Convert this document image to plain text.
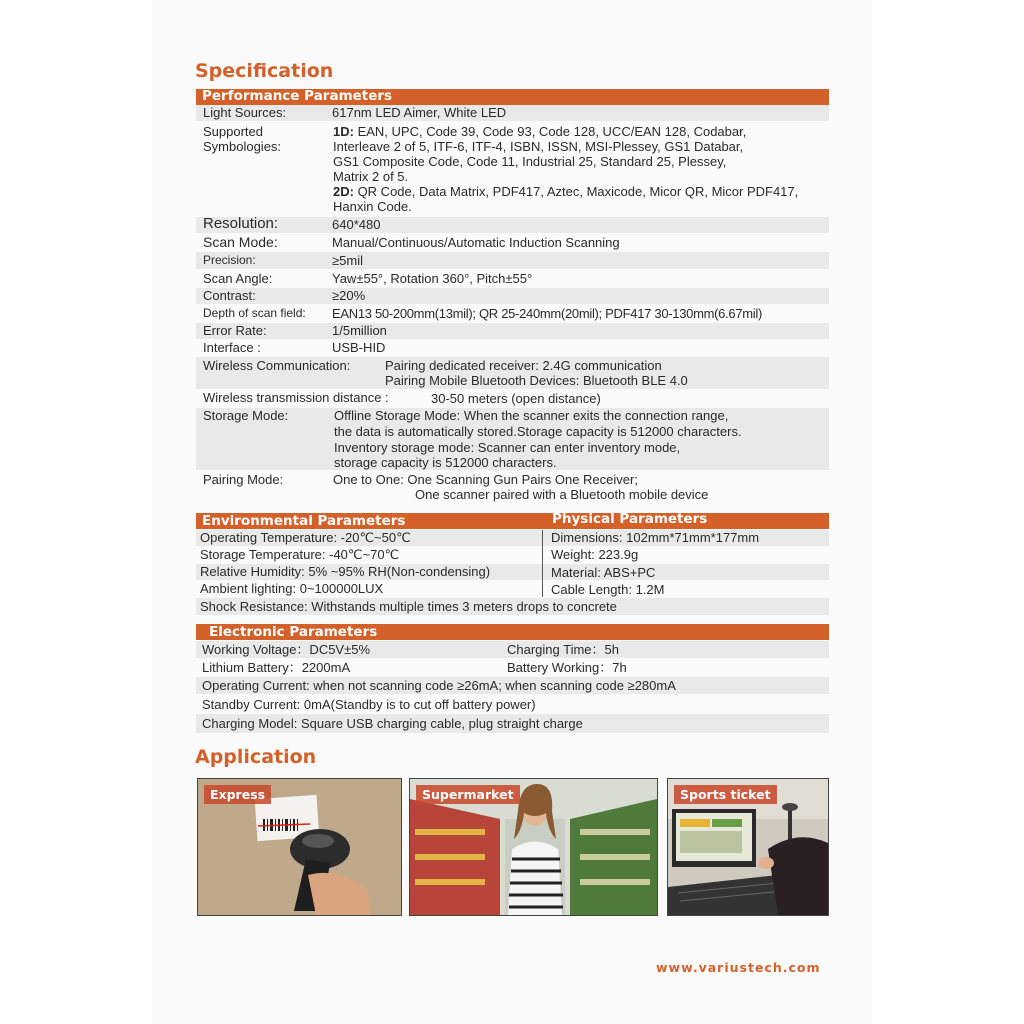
Specification
Performance Parameters
Light Sources:	617nm LED Aimer, White LED
Supported
Symbologies:
1D: EAN, UPC, Code 39, Code 93, Code 128, UCC/EAN 128, Codabar,
Interleave 2 of 5, ITF-6, ITF-4, ISBN, ISSN, MSI-Plessey, GS1 Databar,
GS1 Composite Code, Code 11, Industrial 25, Standard 25, Plessey,
Matrix 2 of 5.
2D: QR Code, Data Matrix, PDF417, Aztec, Maxicode, Micor QR, Micor PDF417,
Hanxin Code.
Resolution:	640*480
Scan Mode:	Manual/Continuous/Automatic Induction Scanning
Precision:	≥5mil
Scan Angle:	Yaw±55°, Rotation 360°, Pitch±55°
Contrast:	≥20%
Depth of scan field: EAN13 50-200mm(13mil); QR 25-240mm(20mil); PDF417 30-130mm(6.67mil)
Error Rate:	1/5million
Interface :	USB-HID
Wireless Communication:	Pairing dedicated receiver: 2.4G communication
Pairing Mobile Bluetooth Devices: Bluetooth BLE 4.0
Wireless transmission distance :	30-50 meters (open distance)
Storage Mode:	Offline Storage Mode: When the scanner exits the connection range,
the data is automatically stored.Storage capacity is 512000 characters.
Inventory storage mode: Scanner can enter inventory mode,
storage capacity is 512000 characters.
Pairing Mode:	One to One: One Scanning Gun Pairs One Receiver;
One scanner paired with a Bluetooth mobile device
Environmental Parameters	Physical Parameters
Operating Temperature: -20℃~50℃	Dimensions: 102mm*71mm*177mm
Storage Temperature: -40℃~70℃	Weight: 223.9g
Relative Humidity: 5% ~95% RH(Non-condensing)	Material: ABS+PC
Ambient lighting: 0~100000LUX	Cable Length: 1.2M
Shock Resistance: Withstands multiple times 3 meters drops to concrete
Electronic Parameters
Working Voltage：DC5V±5%	Charging Time：5h
Lithium Battery：2200mA	Battery Working：7h
Operating Current: when not scanning code ≥26mA; when scanning code ≥280mA
Standby Current: 0mA(Standby is to cut off battery power)
Charging Model: Square USB charging cable, plug straight charge
Application
Express	Supermarket	Sports ticket
www.variustech.com
